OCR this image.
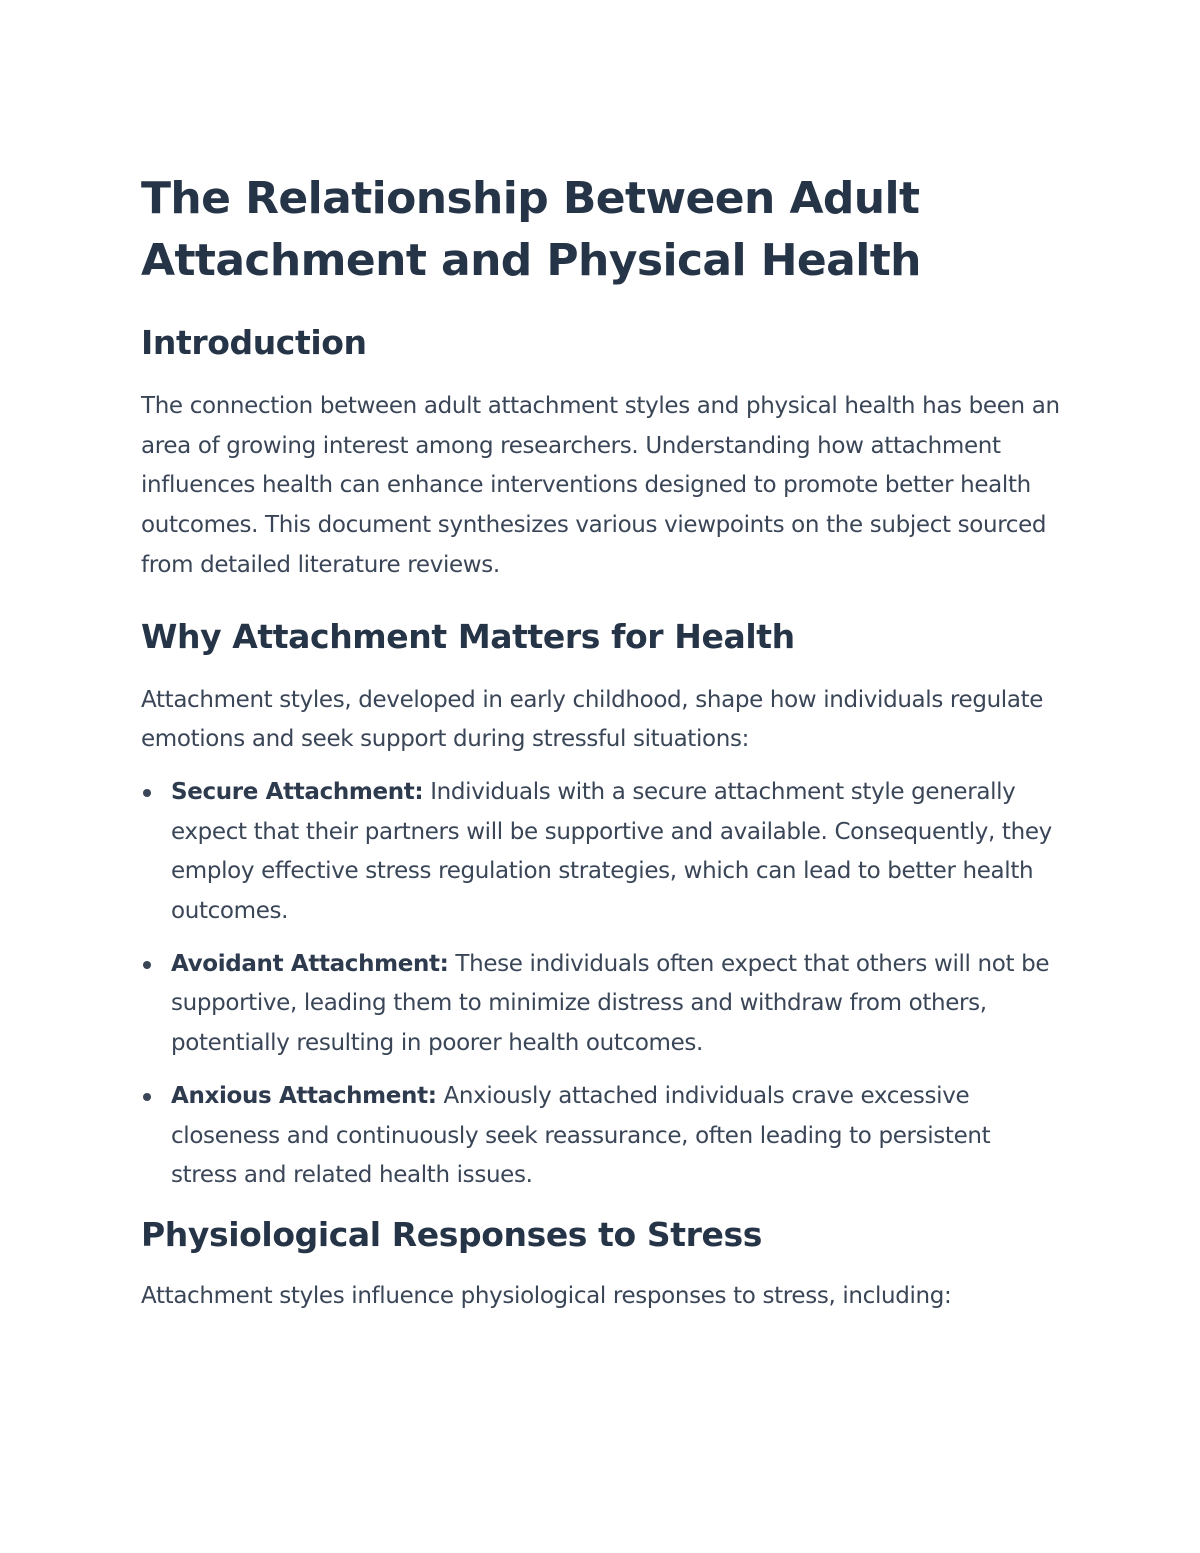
The Relationship Between Adult Attachment and Physical Health
Introduction

The connection between adult attachment styles and physical health has been an area of growing interest among researchers. Understanding how attachment influences health can enhance interventions designed to promote better health outcomes. This document synthesizes various viewpoints on the subject sourced from detailed literature reviews.

Why Attachment Matters for Health

Attachment styles, developed in early childhood, shape how individuals regulate emotions and seek support during stressful situations:

Secure Attachment: Individuals with a secure attachment style generally expect that their partners will be supportive and available. Consequently, they employ effective stress regulation strategies, which can lead to better health outcomes.
Avoidant Attachment: These individuals often expect that others will not be supportive, leading them to minimize distress and withdraw from others, potentially resulting in poorer health outcomes.
Anxious Attachment: Anxiously attached individuals crave excessive closeness and continuously seek reassurance, often leading to persistent stress and related health issues.
Physiological Responses to Stress

Attachment styles influence physiological responses to stress, including:
